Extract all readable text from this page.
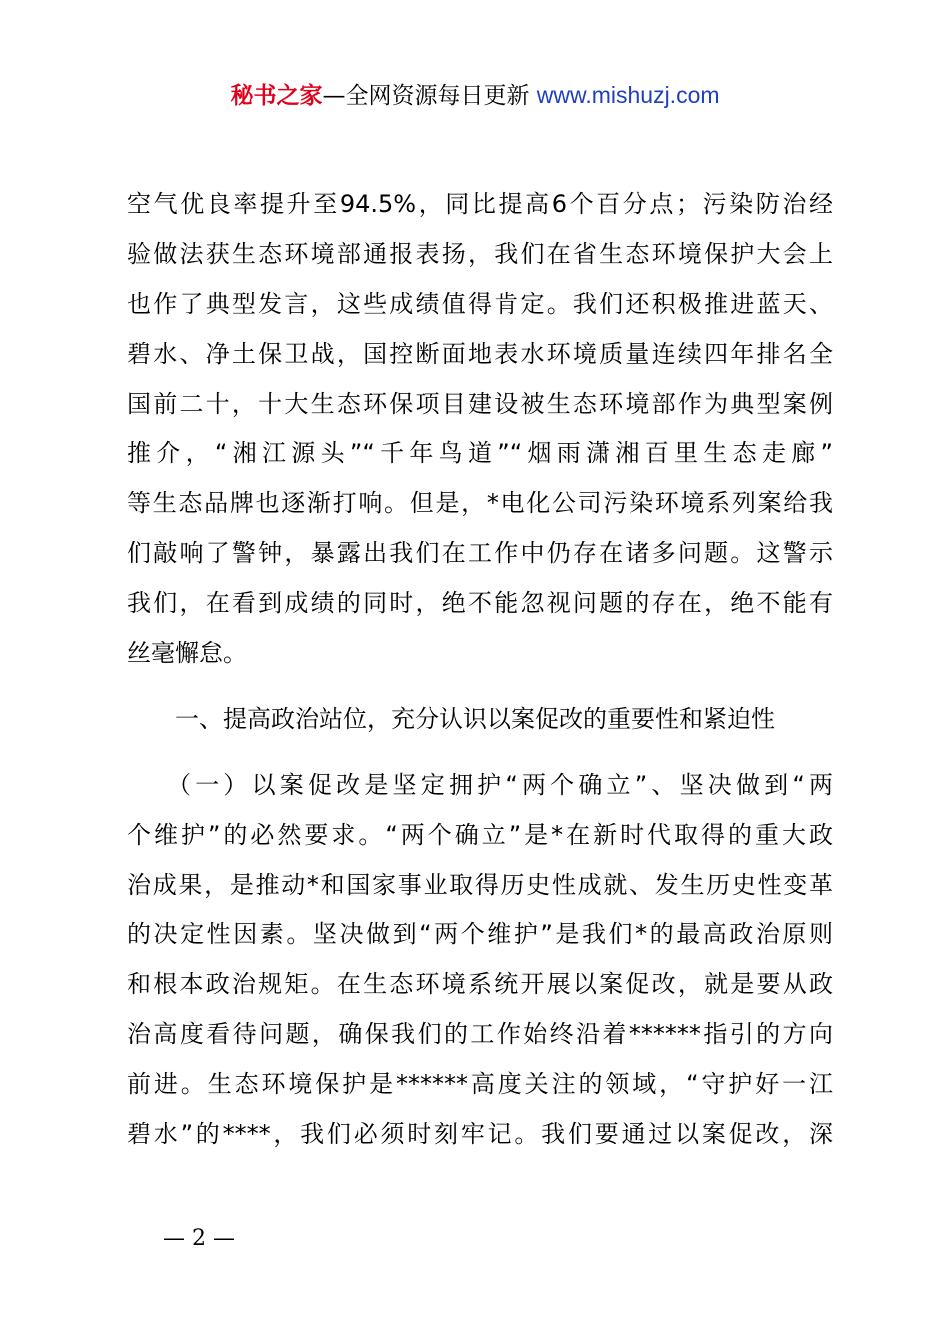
秘书之家—全网资源每日更新 www.mishuzj.com
空气优良率提升至94.5%，同比提高6个百分点；污染防治经
验做法获生态环境部通报表扬，我们在省生态环境保护大会上
也作了典型发言，这些成绩值得肯定。我们还积极推进蓝天、
碧水、净土保卫战，国控断面地表水环境质量连续四年排名全
国前二十，十大生态环保项目建设被生态环境部作为典型案例
推介，“湘江源头”“千年鸟道”“烟雨潇湘百里生态走廊”
等生态品牌也逐渐打响。但是，*电化公司污染环境系列案给我
们敲响了警钟，暴露出我们在工作中仍存在诸多问题。这警示
我们，在看到成绩的同时，绝不能忽视问题的存在，绝不能有
丝毫懈怠。
一、提高政治站位，充分认识以案促改的重要性和紧迫性
（一）以案促改是坚定拥护“两个确立”、坚决做到“两
个维护”的必然要求。“两个确立”是*在新时代取得的重大政
治成果，是推动*和国家事业取得历史性成就、发生历史性变革
的决定性因素。坚决做到“两个维护”是我们*的最高政治原则
和根本政治规矩。在生态环境系统开展以案促改，就是要从政
治高度看待问题，确保我们的工作始终沿着******指引的方向
前进。生态环境保护是******高度关注的领域，“守护好一江
碧水”的****，我们必须时刻牢记。我们要通过以案促改，深
— 2 —
